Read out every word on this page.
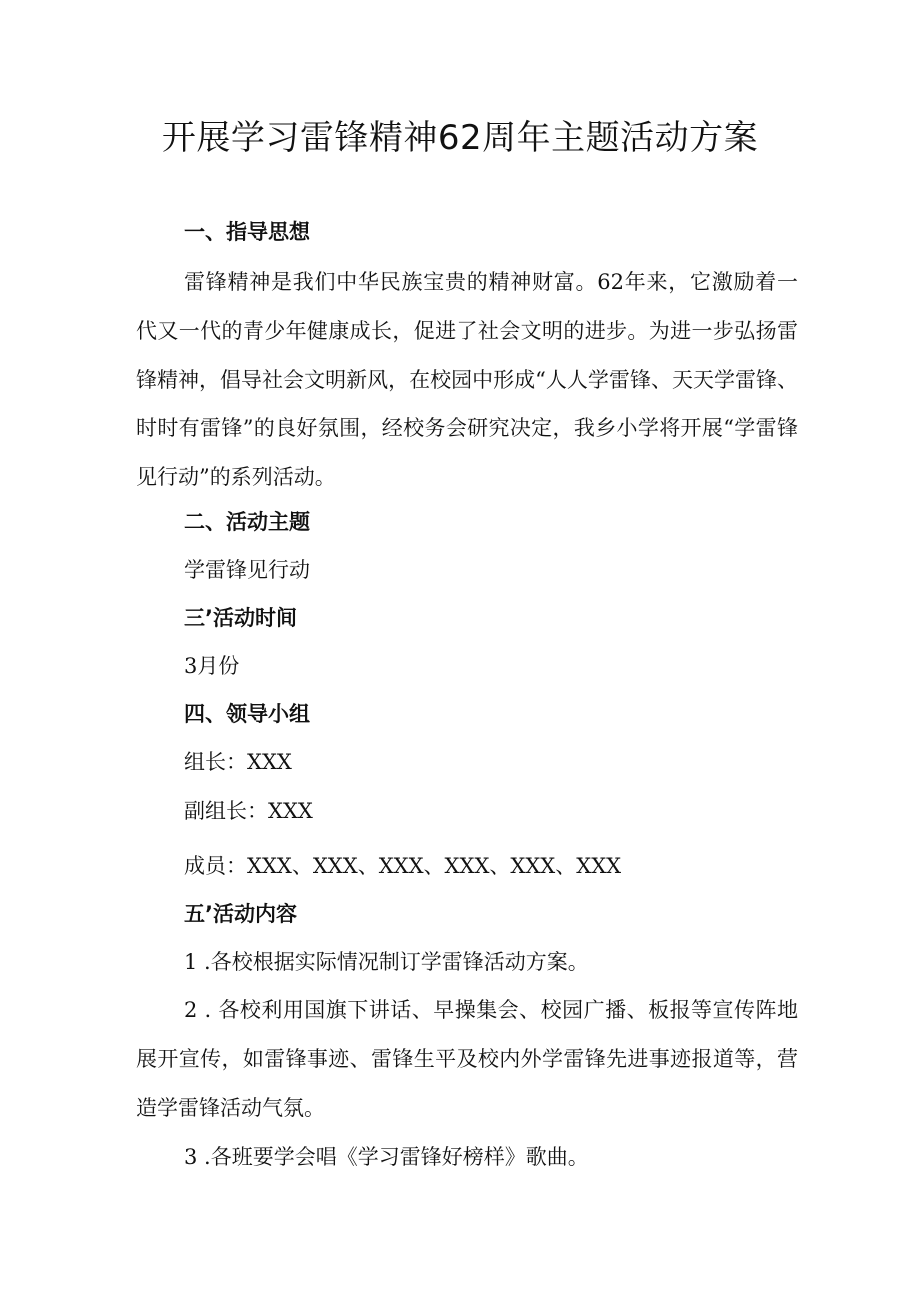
开展学习雷锋精神62周年主题活动方案
一、指导思想

雷锋精神是我们中华民族宝贵的精神财富。62年来，它激励着一代又一代的青少年健康成长，促进了社会文明的进步。为进一步弘扬雷锋精神，倡导社会文明新风，在校园中形成“人人学雷锋、天天学雷锋、时时有雷锋”的良好氛围，经校务会研究决定，我乡小学将开展“学雷锋见行动”的系列活动。

二、活动主题

学雷锋见行动

三’活动时间

3月份

四、领导小组

组长：XXX

副组长：XXX

成员：XXX、XXX、XXX、XXX、XXX、XXX

五’活动内容

1 .各校根据实际情况制订学雷锋活动方案。

2 . 各校利用国旗下讲话、早操集会、校园广播、板报等宣传阵地展开宣传，如雷锋事迹、雷锋生平及校内外学雷锋先进事迹报道等，营造学雷锋活动气氛。

3 .各班要学会唱《学习雷锋好榜样》歌曲。
